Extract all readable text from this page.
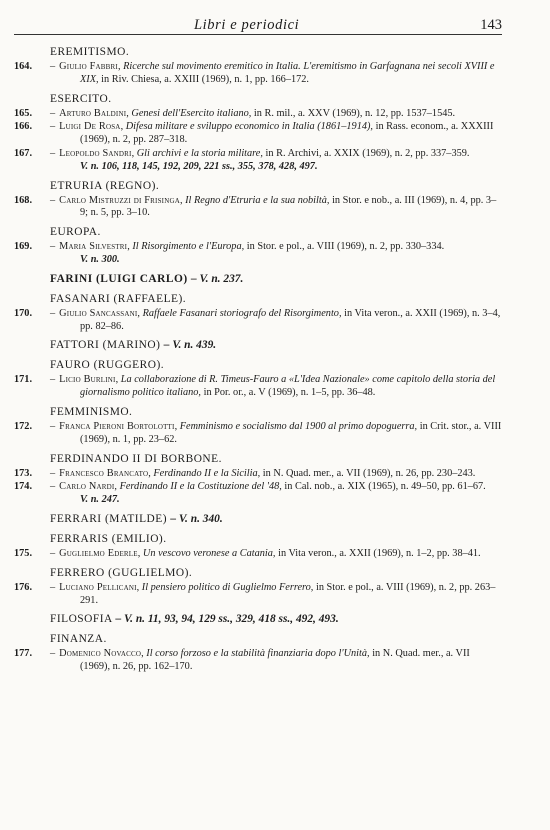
Libri e periodici	143
EREMITISMO.
164.	– Giulio Fabbri, Ricerche sul movimento eremitico in Italia. L'eremitismo in Garfagnana nei secoli XVIII e XIX, in Riv. Chiesa, a. XXIII (1969), n. 1, pp. 166–172.
ESERCITO.
165.	– Arturo Baldini, Genesi dell'Esercito italiano, in R. mil., a. XXV (1969), n. 12, pp. 1537–1545.
166.	– Luigi De Rosa, Difesa militare e sviluppo economico in Italia (1861–1914), in Rass. econom., a. XXXIII (1969), n. 2, pp. 287–318.
167.	– Leopoldo Sandri, Gli archivi e la storia militare, in R. Archivi, a. XXIX (1969), n. 2, pp. 337–359.
V. n. 106, 118, 145, 192, 209, 221 ss., 355, 378, 428, 497.
ETRURIA (REGNO).
168.	– Carlo Mistruzzi di Frisinga, Il Regno d'Etruria e la sua nobiltà, in Stor. e nob., a. III (1969), n. 4, pp. 3–9; n. 5, pp. 3–10.
EUROPA.
169.	– Maria Silvestri, Il Risorgimento e l'Europa, in Stor. e pol., a. VIII (1969), n. 2, pp. 330–334.
V. n. 300.
FARINI (LUIGI CARLO) – V. n. 237.
FASANARI (RAFFAELE).
170.	– Giulio Sancassani, Raffaele Fasanari storiografo del Risorgimento, in Vita veron., a. XXII (1969), n. 3–4, pp. 82–86.
FATTORI (MARINO) – V. n. 439.
FAURO (RUGGERO).
171.	– Licio Burlini, La collaborazione di R. Timeus-Fauro a «L'Idea Nazionale» come capitolo della storia del giornalismo politico italiano, in Por. or., a. V (1969), n. 1–5, pp. 36–48.
FEMMINISMO.
172.	– Franca Pieroni Bortolotti, Femminismo e socialismo dal 1900 al primo dopoguerra, in Crit. stor., a. VIII (1969), n. 1, pp. 23–62.
FERDINANDO II DI BORBONE.
173.	– Francesco Brancato, Ferdinando II e la Sicilia, in N. Quad. mer., a. VII (1969), n. 26, pp. 230–243.
174.	– Carlo Nardi, Ferdinando II e la Costituzione del '48, in Cal. nob., a. XIX (1965), n. 49–50, pp. 61–67.
V. n. 247.
FERRARI (MATILDE) – V. n. 340.
FERRARIS (EMILIO).
175.	– Guglielmo Ederle, Un vescovo veronese a Catania, in Vita veron., a. XXII (1969), n. 1–2, pp. 38–41.
FERRERO (GUGLIELMO).
176.	– Luciano Pellicani, Il pensiero politico di Guglielmo Ferrero, in Stor. e pol., a. VIII (1969), n. 2, pp. 263–291.
FILOSOFIA – V. n. 11, 93, 94, 129 ss., 329, 418 ss., 492, 493.
FINANZA.
177.	– Domenico Novacco, Il corso forzoso e la stabilità finanziaria dopo l'Unità, in N. Quad. mer., a. VII (1969), n. 26, pp. 162–170.
